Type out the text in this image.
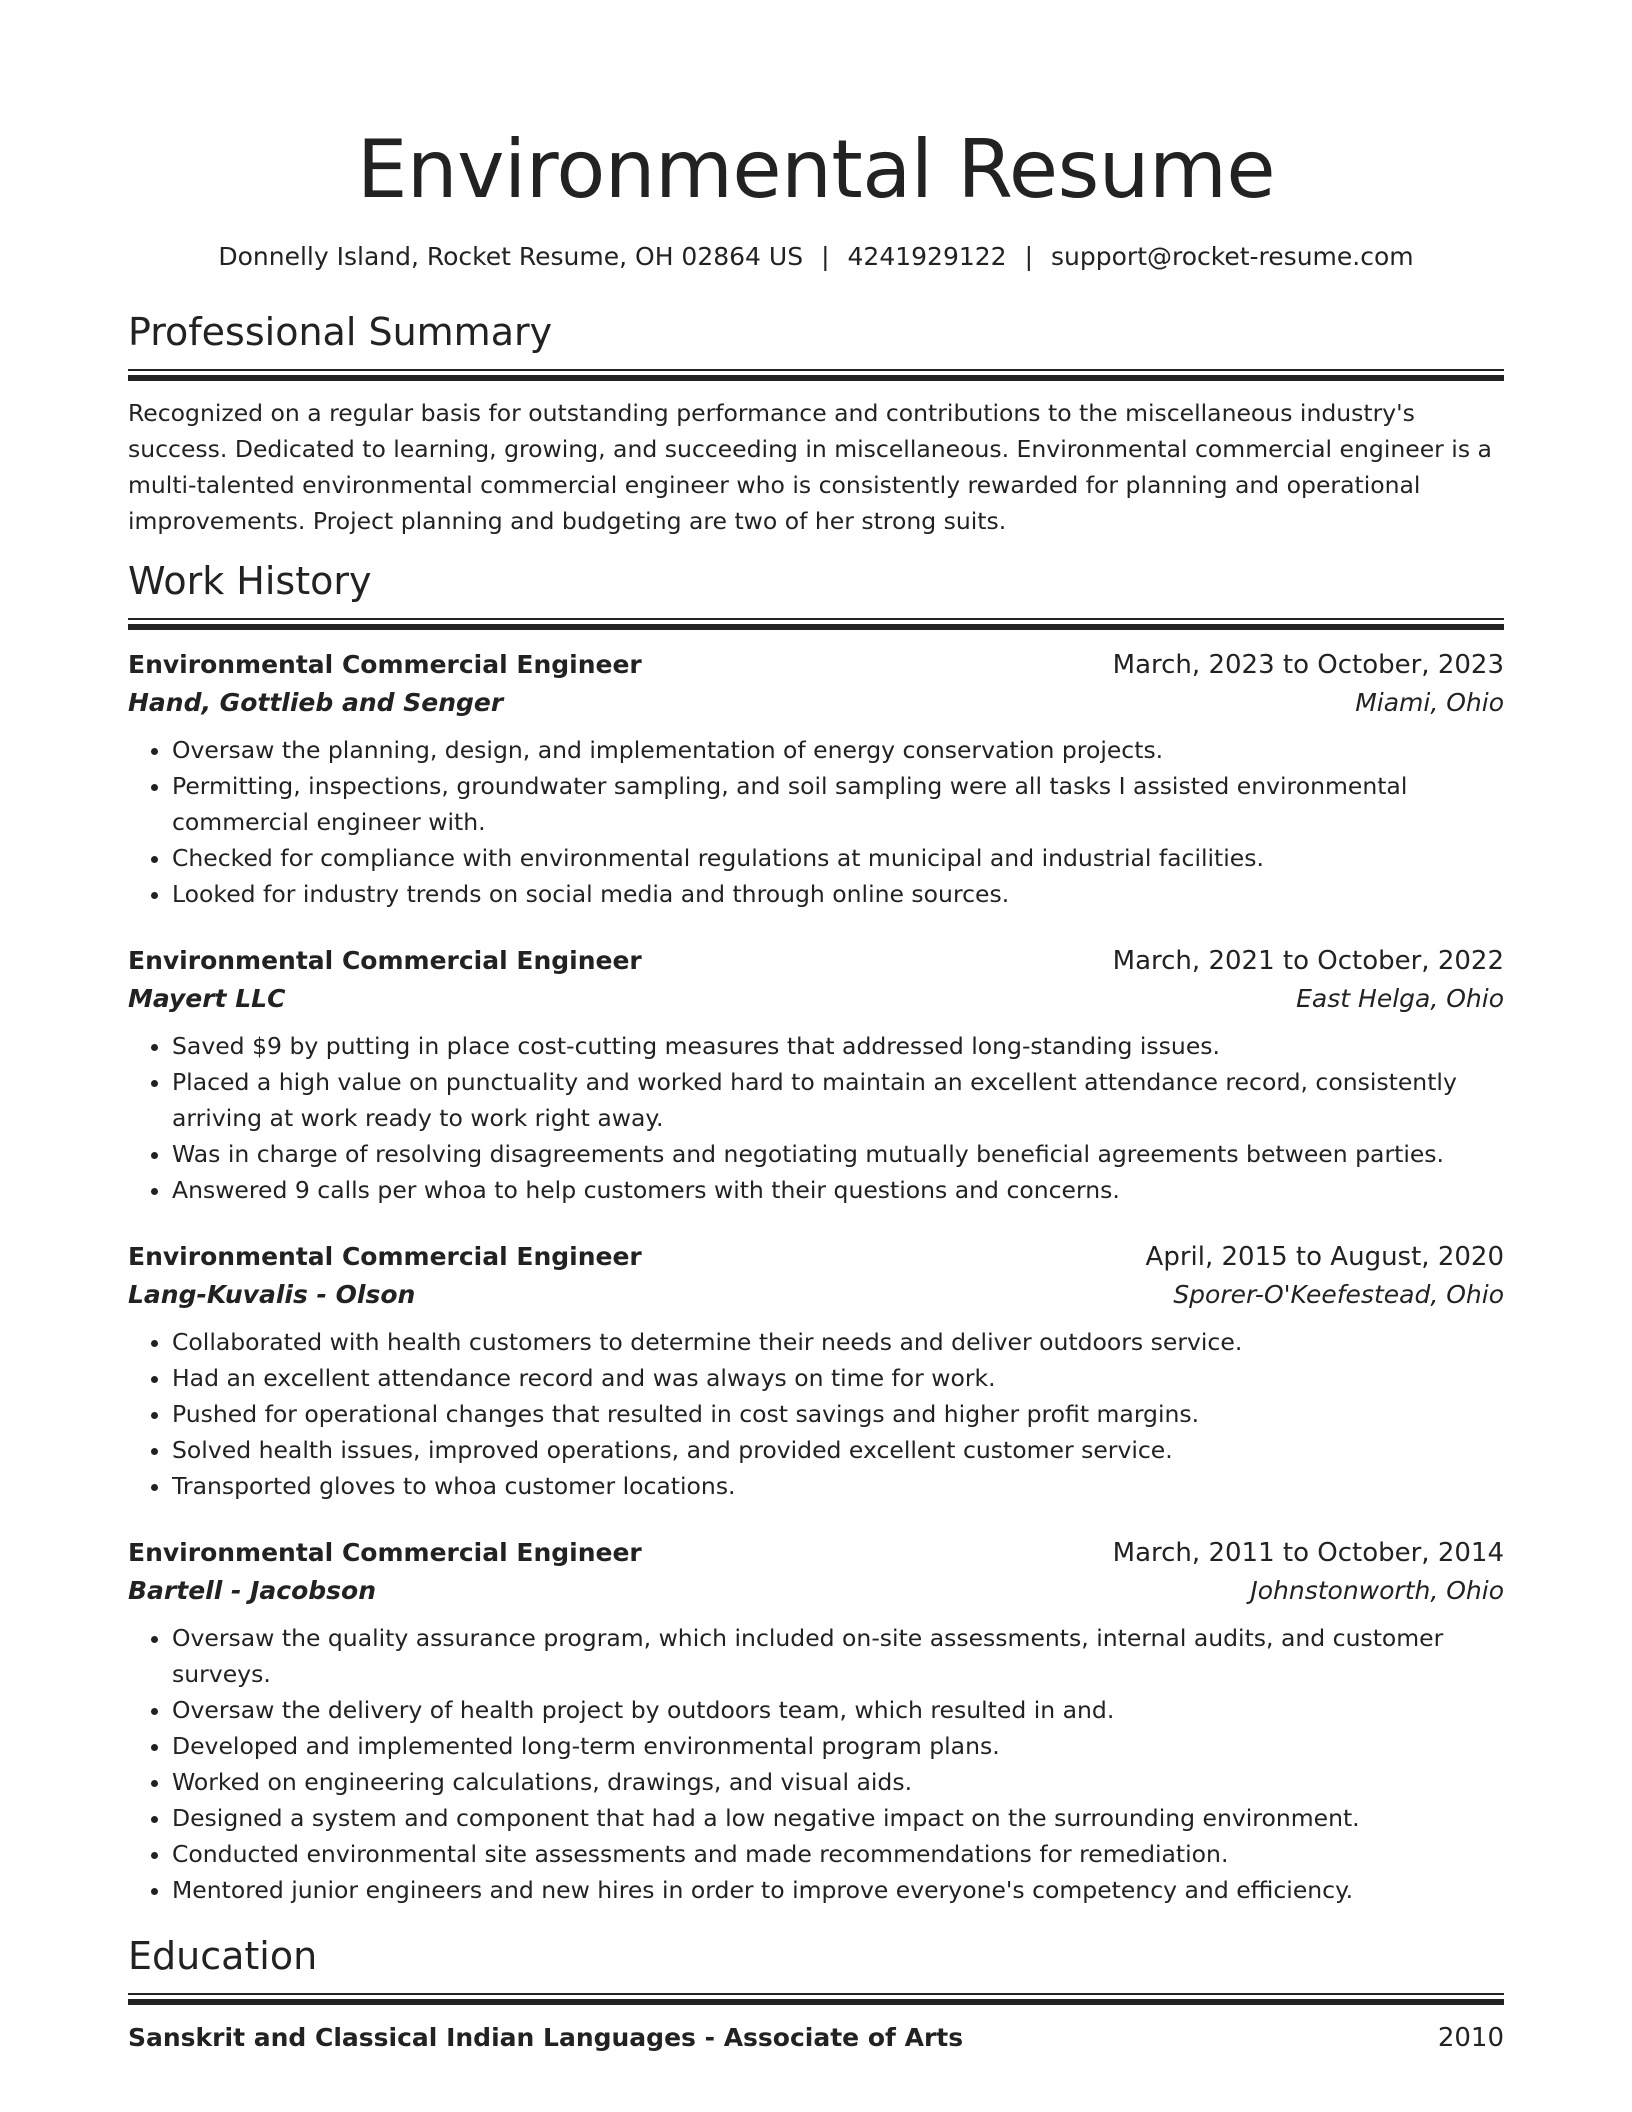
Environmental Resume
Donnelly Island, Rocket Resume, OH 02864 US | 4241929122 | support@rocket-resume.com
Professional Summary

Recognized on a regular basis for outstanding performance and contributions to the miscellaneous industry's success. Dedicated to learning, growing, and succeeding in miscellaneous. Environmental commercial engineer is a multi-talented environmental commercial engineer who is consistently rewarded for planning and operational improvements. Project planning and budgeting are two of her strong suits.

Work History
Environmental Commercial Engineer	March, 2023 to October, 2023
Hand, Gottlieb and Senger	Miami, Ohio
• Oversaw the planning, design, and implementation of energy conservation projects.
• Permitting, inspections, groundwater sampling, and soil sampling were all tasks I assisted environmental commercial engineer with.
• Checked for compliance with environmental regulations at municipal and industrial facilities.
• Looked for industry trends on social media and through online sources.
Environmental Commercial Engineer	March, 2021 to October, 2022
Mayert LLC	East Helga, Ohio
• Saved $9 by putting in place cost-cutting measures that addressed long-standing issues.
• Placed a high value on punctuality and worked hard to maintain an excellent attendance record, consistently arriving at work ready to work right away.
• Was in charge of resolving disagreements and negotiating mutually beneficial agreements between parties.
• Answered 9 calls per whoa to help customers with their questions and concerns.
Environmental Commercial Engineer	April, 2015 to August, 2020
Lang-Kuvalis - Olson	Sporer-O'Keefestead, Ohio
• Collaborated with health customers to determine their needs and deliver outdoors service.
• Had an excellent attendance record and was always on time for work.
• Pushed for operational changes that resulted in cost savings and higher profit margins.
• Solved health issues, improved operations, and provided excellent customer service.
• Transported gloves to whoa customer locations.
Environmental Commercial Engineer	March, 2011 to October, 2014
Bartell - Jacobson	Johnstonworth, Ohio
• Oversaw the quality assurance program, which included on-site assessments, internal audits, and customer surveys.
• Oversaw the delivery of health project by outdoors team, which resulted in and.
• Developed and implemented long-term environmental program plans.
• Worked on engineering calculations, drawings, and visual aids.
• Designed a system and component that had a low negative impact on the surrounding environment.
• Conducted environmental site assessments and made recommendations for remediation.
• Mentored junior engineers and new hires in order to improve everyone's competency and efficiency.
Education
Sanskrit and Classical Indian Languages - Associate of Arts	2010
